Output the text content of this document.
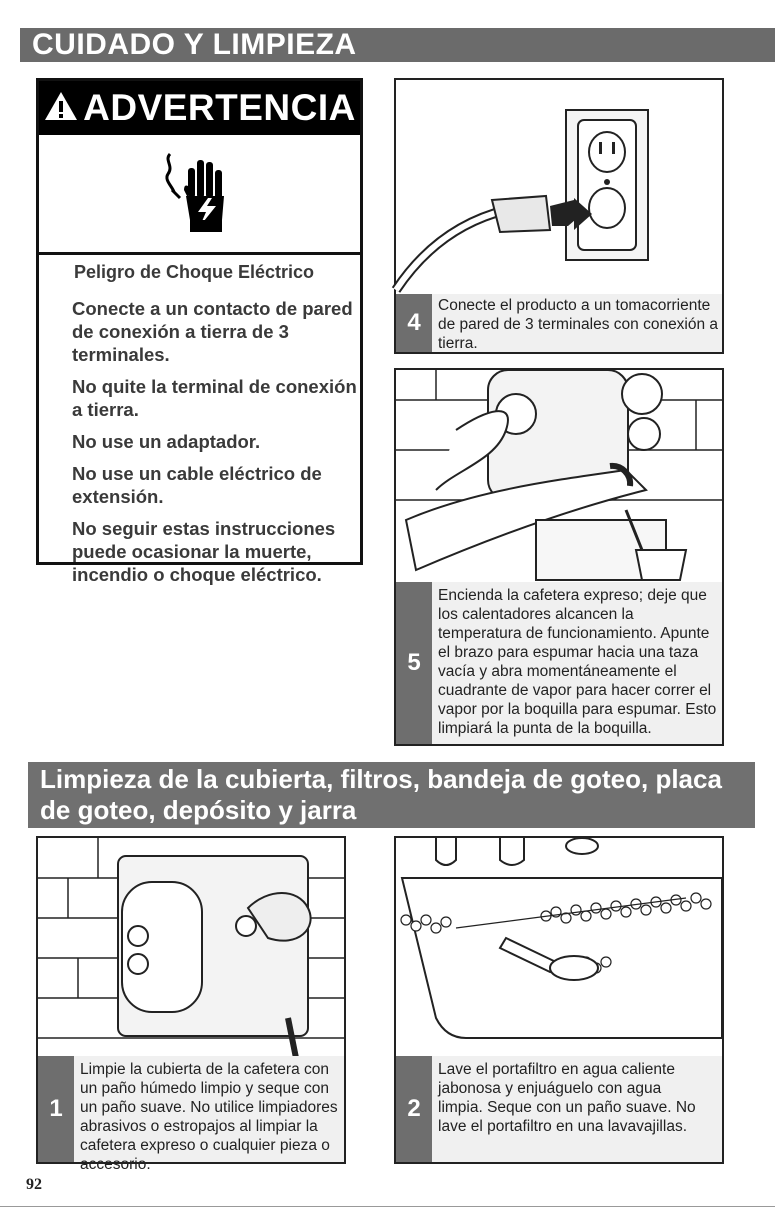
CUIDADO Y LIMPIEZA
ADVERTENCIA
Peligro de Choque Eléctrico
Conecte a un contacto de pared de conexión a tierra de 3 terminales.
No quite la terminal de conexión a tierra.
No use un adaptador.
No use un cable eléctrico de extensión.
No seguir estas instrucciones puede ocasionar la muerte, incendio o choque eléctrico.
4
Conecte el producto a un tomacorriente de pared de 3 terminales con conexión a tierra.
5
Encienda la cafetera expreso; deje que los calentadores alcancen la temperatura de funcionamiento. Apunte el brazo para espumar hacia una taza vacía y abra momentáneamente el cuadrante de vapor para hacer correr el vapor por la boquilla para espumar. Esto limpiará la punta de la boquilla.
Limpieza de la cubierta, filtros, bandeja de goteo, placa de goteo, depósito y jarra
1
Limpie la cubierta de la cafetera con un paño húmedo limpio y seque con un paño suave. No utilice limpiadores abrasivos o estropajos al limpiar la cafetera expreso o cualquier pieza o accesorio.
2
Lave el portafiltro en agua caliente jabonosa y enjuáguelo con agua limpia. Seque con un paño suave. No lave el portafiltro en una lavavajillas.
92
